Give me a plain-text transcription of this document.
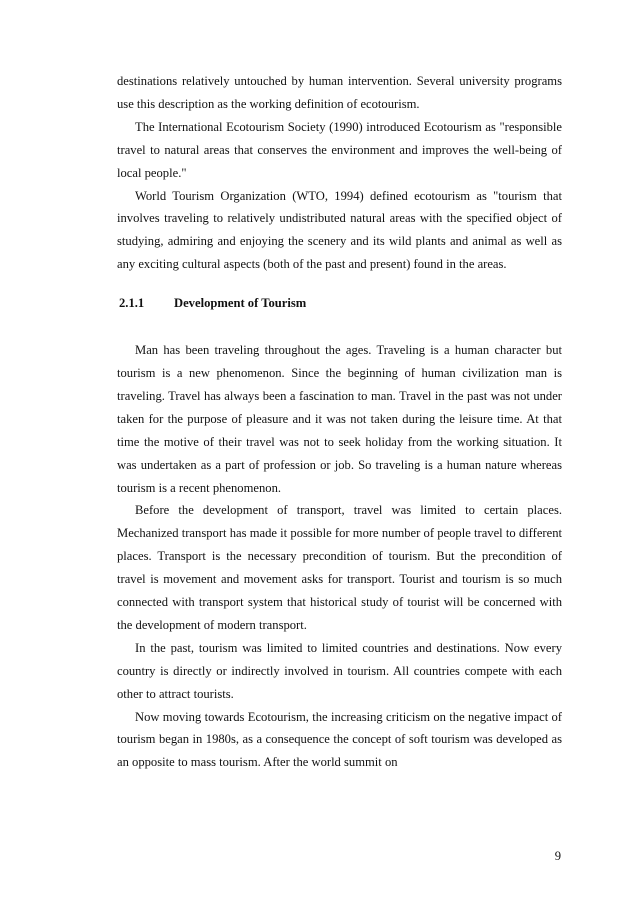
destinations relatively untouched by human intervention. Several university programs use this description as the working definition of ecotourism.

The International Ecotourism Society (1990) introduced Ecotourism as "responsible travel to natural areas that conserves the environment and improves the well-being of local people."

World Tourism Organization (WTO, 1994) defined ecotourism as "tourism that involves traveling to relatively undistributed natural areas with the specified object of studying, admiring and enjoying the scenery and its wild plants and animal as well as any exciting cultural aspects (both of the past and present) found in the areas.

2.1.1	Development of Tourism

Man has been traveling throughout the ages. Traveling is a human character but tourism is a new phenomenon. Since the beginning of human civilization man is traveling. Travel has always been a fascination to man. Travel in the past was not under taken for the purpose of pleasure and it was not taken during the leisure time. At that time the motive of their travel was not to seek holiday from the working situation. It was undertaken as a part of profession or job. So traveling is a human nature whereas tourism is a recent phenomenon.

Before the development of transport, travel was limited to certain places. Mechanized transport has made it possible for more number of people travel to different places. Transport is the necessary precondition of tourism. But the precondition of travel is movement and movement asks for transport. Tourist and tourism is so much connected with transport system that historical study of tourist will be concerned with the development of modern transport.

In the past, tourism was limited to limited countries and destinations. Now every country is directly or indirectly involved in tourism. All countries compete with each other to attract tourists.

Now moving towards Ecotourism, the increasing criticism on the negative impact of tourism began in 1980s, as a consequence the concept of soft tourism was developed as an opposite to mass tourism. After the world summit on

9
